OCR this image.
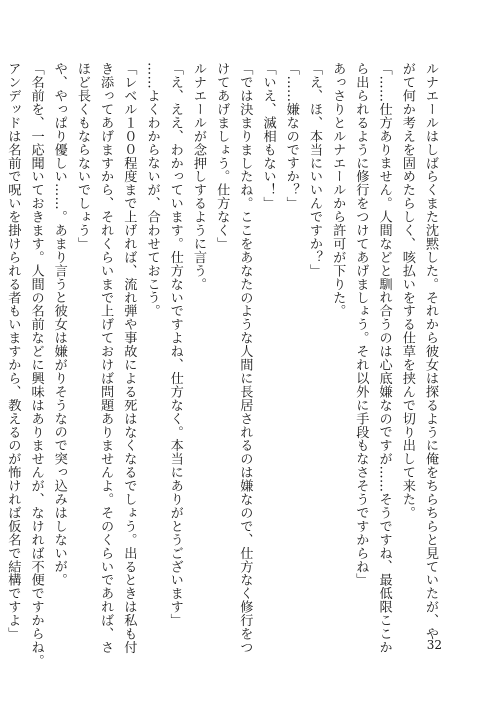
ルナエールはしばらくまた沈黙した。それから彼女は探るように俺をちらちらと見ていたが、や
がて何か考えを固めたらしく、咳払いをする仕草を挟んで切り出して来た。
「……仕方ありません。人間などと馴れ合うのは心底嫌なのですが……そうですね、最低限ここか
ら出られるように修行をつけてあげましょう。それ以外に手段もなさそうですからね」
あっさりとルナエールから許可が下りた。
「え、ほ、本当にいいんですか？」
「……嫌なのですか？」
「いえ、滅相もない！」
「では決まりましたね。ここをあなたのような人間に長居されるのは嫌なので、仕方なく修行をつ
けてあげましょう。仕方なく」
ルナエールが念押しするように言う。
「え、ええ、わかっています。仕方ないですよね、仕方なく。本当にありがとうございます」
……よくわからないが、合わせておこう。
「レベル１００程度まで上げれば、流れ弾や事故による死はなくなるでしょう。出るときは私も付
き添ってあげますから、それくらいまで上げておけば問題ありませんよ。そのくらいであれば、さ
ほど長くもならないでしょう」
や、やっぱり優しい……。あまり言うと彼女は嫌がりそうなので突っ込みはしないが。
「名前を、一応聞いておきます。人間の名前などに興味はありませんが、なければ不便ですからね。
アンデッドは名前で呪いを掛けられる者もいますから、教えるのが怖ければ仮名で結構ですよ」
32
